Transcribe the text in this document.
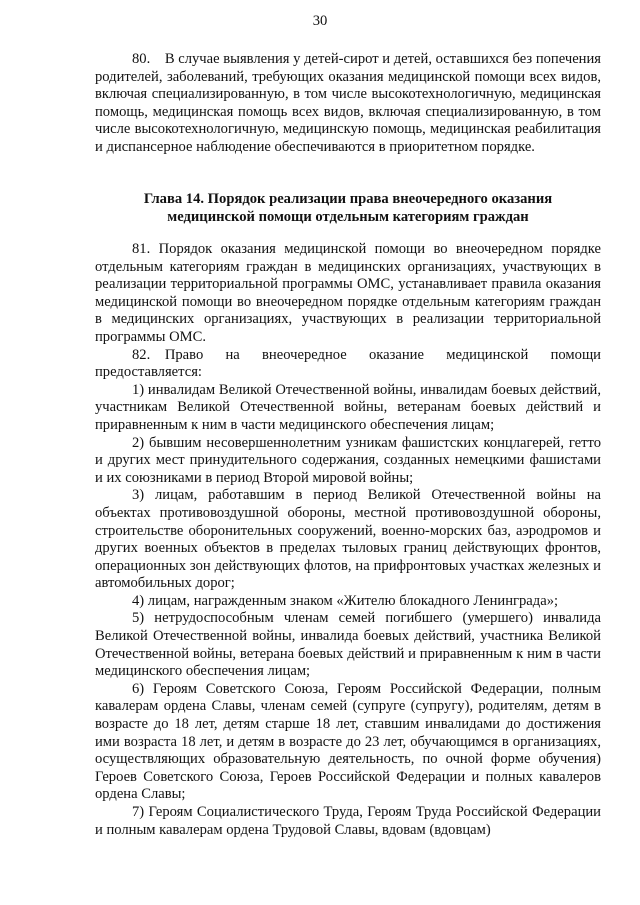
30

80. В случае выявления у детей-сирот и детей, оставшихся без попечения родителей, заболеваний, требующих оказания медицинской помощи всех видов, включая специализированную, в том числе высокотехнологичную, медицинская помощь, медицинская помощь всех видов, включая специализированную, в том числе высокотехнологичную, медицинскую помощь, медицинская реабилитация и диспансерное наблюдение обеспечиваются в приоритетном порядке.

Глава 14. Порядок реализации права внеочередного оказания

медицинской помощи отдельным категориям граждан

81. Порядок оказания медицинской помощи во внеочередном порядке отдельным категориям граждан в медицинских организациях, участвующих в реализации территориальной программы ОМС, устанавливает правила оказания медицинской помощи во внеочередном порядке отдельным категориям граждан в медицинских организациях, участвующих в реализации территориальной программы ОМС.

82. Право на внеочередное оказание медицинской помощи предоставляется:

1) инвалидам Великой Отечественной войны, инвалидам боевых действий, участникам Великой Отечественной войны, ветеранам боевых действий и приравненным к ним в части медицинского обеспечения лицам;

2) бывшим несовершеннолетним узникам фашистских концлагерей, гетто и других мест принудительного содержания, созданных немецкими фашистами и их союзниками в период Второй мировой войны;

3) лицам, работавшим в период Великой Отечественной войны на объектах противовоздушной обороны, местной противовоздушной обороны, строительстве оборонительных сооружений, военно-морских баз, аэродромов и других военных объектов в пределах тыловых границ действующих фронтов, операционных зон действующих флотов, на прифронтовых участках железных и автомобильных дорог;

4) лицам, награжденным знаком «Жителю блокадного Ленинграда»;

5) нетрудоспособным членам семей погибшего (умершего) инвалида Великой Отечественной войны, инвалида боевых действий, участника Великой Отечественной войны, ветерана боевых действий и приравненным к ним в части медицинского обеспечения лицам;

6) Героям Советского Союза, Героям Российской Федерации, полным кавалерам ордена Славы, членам семей (супруге (супругу), родителям, детям в возрасте до 18 лет, детям старше 18 лет, ставшим инвалидами до достижения ими возраста 18 лет, и детям в возрасте до 23 лет, обучающимся в организациях, осуществляющих образовательную деятельность, по очной форме обучения) Героев Советского Союза, Героев Российской Федерации и полных кавалеров ордена Славы;

7) Героям Социалистического Труда, Героям Труда Российской Федерации и полным кавалерам ордена Трудовой Славы, вдовам (вдовцам)
